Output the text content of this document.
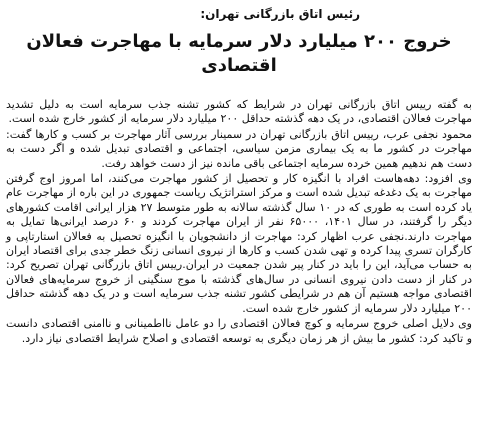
رئیس اتاق بازرگانی تهران:
خروج ۲۰۰ میلیارد دلار سرمایه با مهاجرت فعالان اقتصادی

به گفته رییس اتاق بازرگانی تهران در شرایط که کشور تشنه جذب سرمایه است به دلیل تشدید مهاجرت فعالان اقتصادی، در یک دهه گذشته حداقل ۲۰۰ میلیارد دلار سرمایه از کشور خارج شده است.

محمود نجفی عرب، رییس اتاق بازرگانی تهران در سمینار بررسی آثار مهاجرت بر کسب و کارها گفت: مهاجرت در کشور ما به یک بیماری مزمن سیاسی، اجتماعی و اقتصادی تبدیل شده و اگر دست به دست هم ندهیم همین خرده سرمایه اجتماعی باقی مانده نیز از دست خواهد رفت.

وی افزود: دهه‌هاست افراد با انگیزه کار و تحصیل از کشور مهاجرت می‌کنند، اما امروز اوج گرفتن مهاجرت به یک دغدغه تبدیل شده است و مرکز استراتژیک ریاست جمهوری در این باره از مهاجرت عام یاد کرده است به طوری که در ۱۰ سال گذشته سالانه به طور متوسط ۲۷ هزار ایرانی اقامت کشورهای دیگر را گرفتند، در سال ۱۴۰۱، ۶۵۰۰۰ نفر از ایران مهاجرت کردند و ۶۰ درصد ایرانی‌ها تمایل به مهاجرت دارند.نجفی عرب اظهار کرد: مهاجرت از دانشجویان با انگیزه تحصیل به فعالان استارتاپی و کارگران تسری پیدا کرده و تهی شدن کسب و کارها از نیروی انسانی زنگ خطر جدی برای اقتصاد ایران به حساب می‌آید، این را باید در کنار پیر شدن جمعیت در ایران.رییس اتاق بازرگانی تهران تصریح کرد: در کنار از دست دادن نیروی انسانی در سال‌های گذشته با موج سنگینی از خروج سرمایه‌های فعالان اقتصادی مواجه هستیم آن هم در شرایطی کشور تشنه جذب سرمایه است و در یک دهه گذشته حداقل ۲۰۰ میلیارد دلار سرمایه از کشور خارج شده است.

وی دلایل اصلی خروج سرمایه و کوچ فعالان اقتصادی را دو عامل نااطمینانی و ناامنی اقتصادی دانست و تاکید کرد: کشور ما بیش از هر زمان دیگری به توسعه اقتصادی و اصلاح شرایط اقتصادی نیاز دارد.
